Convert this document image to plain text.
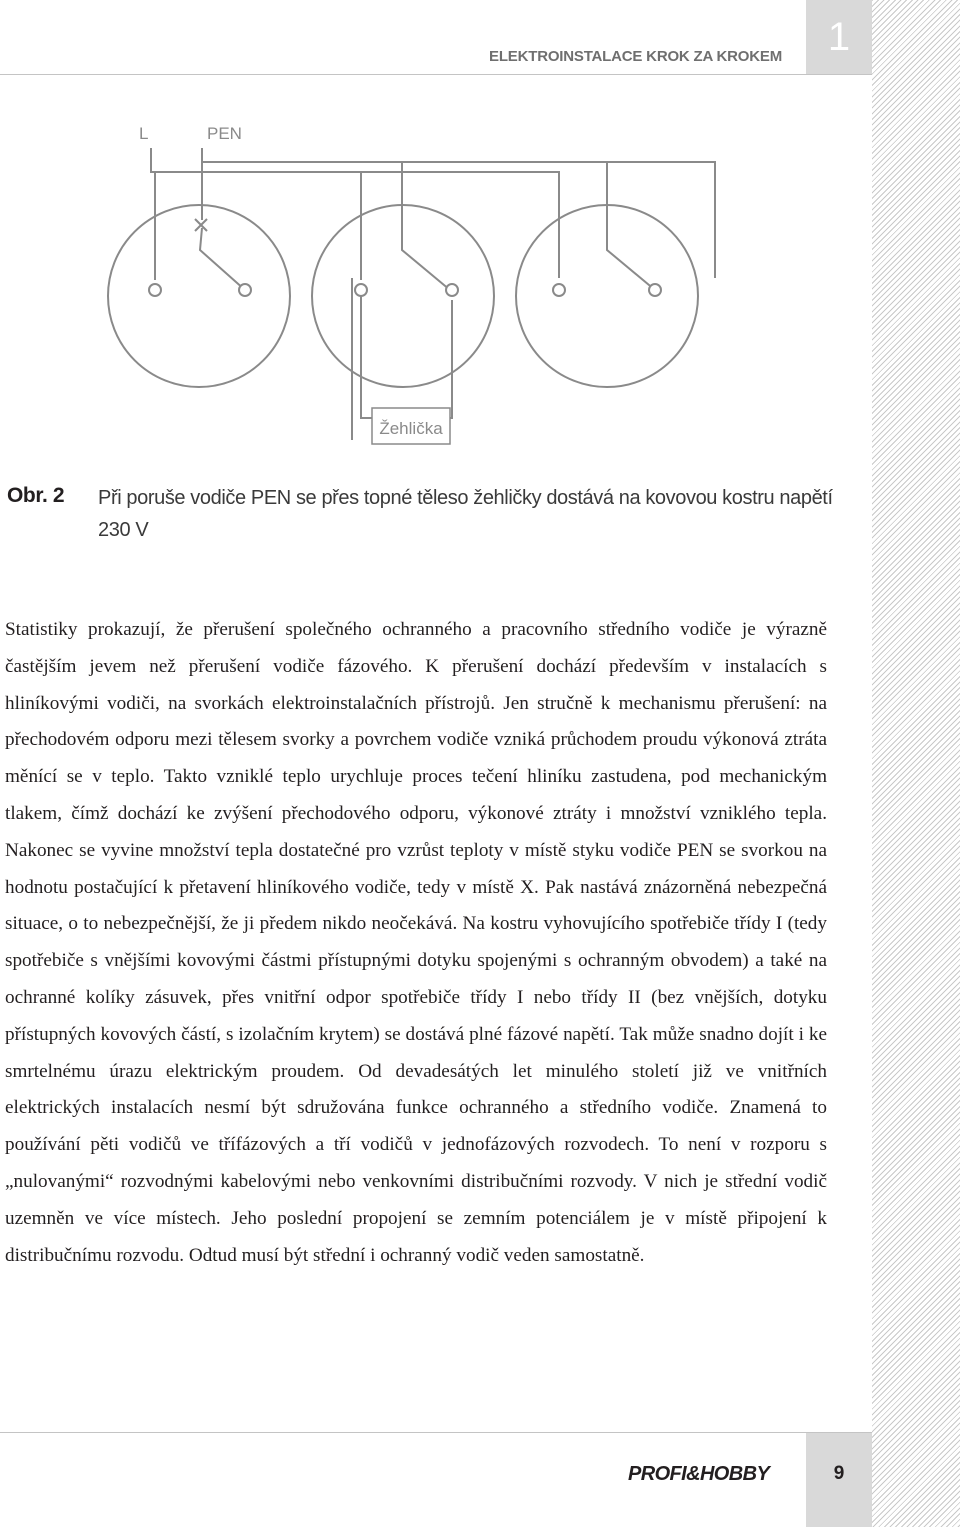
ELEKTROINSTALACE KROK ZA KROKEM	1
Žehlička
L	PEN
Obr. 2 Při poruše vodiče PEN se přes topné těleso žehličky dostává na kovovou kostru napětí 230 V

Statistiky prokazují, že přerušení společného ochranného a pracovního středního vodiče je výrazně častějším jevem než přerušení vodiče fázového. K přerušení dochází především v instalacích s hliníkovými vodiči, na svorkách elektroinstalačních přístrojů. Jen stručně k mechanismu přerušení: na přechodovém odporu mezi tělesem svorky a povrchem vodiče vzniká průchodem proudu výkonová ztráta měnící se v teplo. Takto vzniklé teplo urychluje proces tečení hliníku zastudena, pod mechanickým tlakem, čímž dochází ke zvýšení přechodového odporu, výkonové ztráty i množství vzniklého tepla. Nakonec se vyvine množství tepla dostatečné pro vzrůst teploty v místě styku vodiče PEN se svorkou na hodnotu postačující k přetavení hliníkového vodiče, tedy v místě X. Pak nastává znázorněná nebezpečná situace, o to nebezpečnější, že ji předem nikdo neočekává. Na kostru vyhovujícího spotřebiče třídy I (tedy spotřebiče s vnějšími kovovými částmi přístupnými dotyku spojenými s ochranným obvodem) a také na ochranné kolíky zásuvek, přes vnitřní odpor spotřebiče třídy I nebo třídy II (bez vnějších, dotyku přístupných kovových částí, s izolačním krytem) se dostává plné fázové napětí. Tak může snadno dojít i ke smrtelnému úrazu elektrickým proudem. Od devadesátých let minulého století již ve vnitřních elektrických instalacích nesmí být sdružována funkce ochranného a středního vodiče. Znamená to používání pěti vodičů ve třífázových a tří vodičů v jednofázových rozvodech. To není v rozporu s „nulovanými“ rozvodnými kabelovými nebo venkovními distribučními rozvody. V nich je střední vodič uzemněn ve více místech. Jeho poslední propojení se zemním potenciálem je v místě připojení k distribučnímu rozvodu. Odtud musí být střední i ochranný vodič veden samostatně.

PROFI&HOBBY	9
